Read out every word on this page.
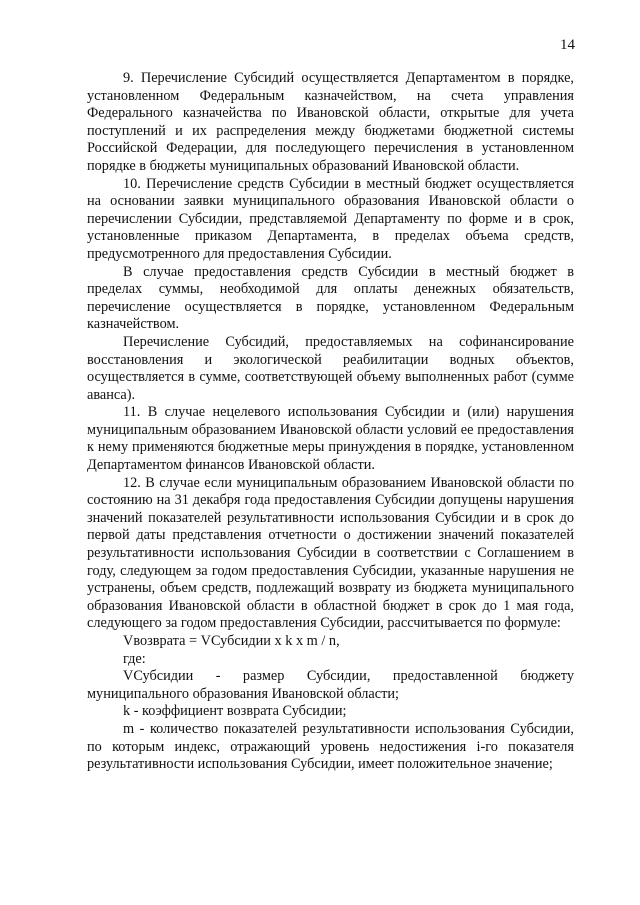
14

9. Перечисление Субсидий осуществляется Департаментом в порядке, установленном Федеральным казначейством, на счета управления Федерального казначейства по Ивановской области, открытые для учета поступлений и их распределения между бюджетами бюджетной системы Российской Федерации, для последующего перечисления в установленном порядке в бюджеты муниципальных образований Ивановской области.

10. Перечисление средств Субсидии в местный бюджет осуществляется на основании заявки муниципального образования Ивановской области о перечислении Субсидии, представляемой Департаменту по форме и в срок, установленные приказом Департамента, в пределах объема средств, предусмотренного для предоставления Субсидии.

В случае предоставления средств Субсидии в местный бюджет в пределах суммы, необходимой для оплаты денежных обязательств, перечисление осуществляется в порядке, установленном Федеральным казначейством.

Перечисление Субсидий, предоставляемых на софинансирование восстановления и экологической реабилитации водных объектов, осуществляется в сумме, соответствующей объему выполненных работ (сумме аванса).

11. В случае нецелевого использования Субсидии и (или) нарушения муниципальным образованием Ивановской области условий ее предоставления к нему применяются бюджетные меры принуждения в порядке, установленном Департаментом финансов Ивановской области.

12. В случае если муниципальным образованием Ивановской области по состоянию на 31 декабря года предоставления Субсидии допущены нарушения значений показателей результативности использования Субсидии и в срок до первой даты представления отчетности о достижении значений показателей результативности использования Субсидии в соответствии с Соглашением в году, следующем за годом предоставления Субсидии, указанные нарушения не устранены, объем средств, подлежащий возврату из бюджета муниципального образования Ивановской области в областной бюджет в срок до 1 мая года, следующего за годом предоставления Субсидии, рассчитывается по формуле:

Vвозврата = VСубсидии x k x m / n,

где:

VСубсидии - размер Субсидии, предоставленной бюджету муниципального образования Ивановской области;

k - коэффициент возврата Субсидии;

m - количество показателей результативности использования Субсидии, по которым индекс, отражающий уровень недостижения i-го показателя результативности использования Субсидии, имеет положительное значение;
